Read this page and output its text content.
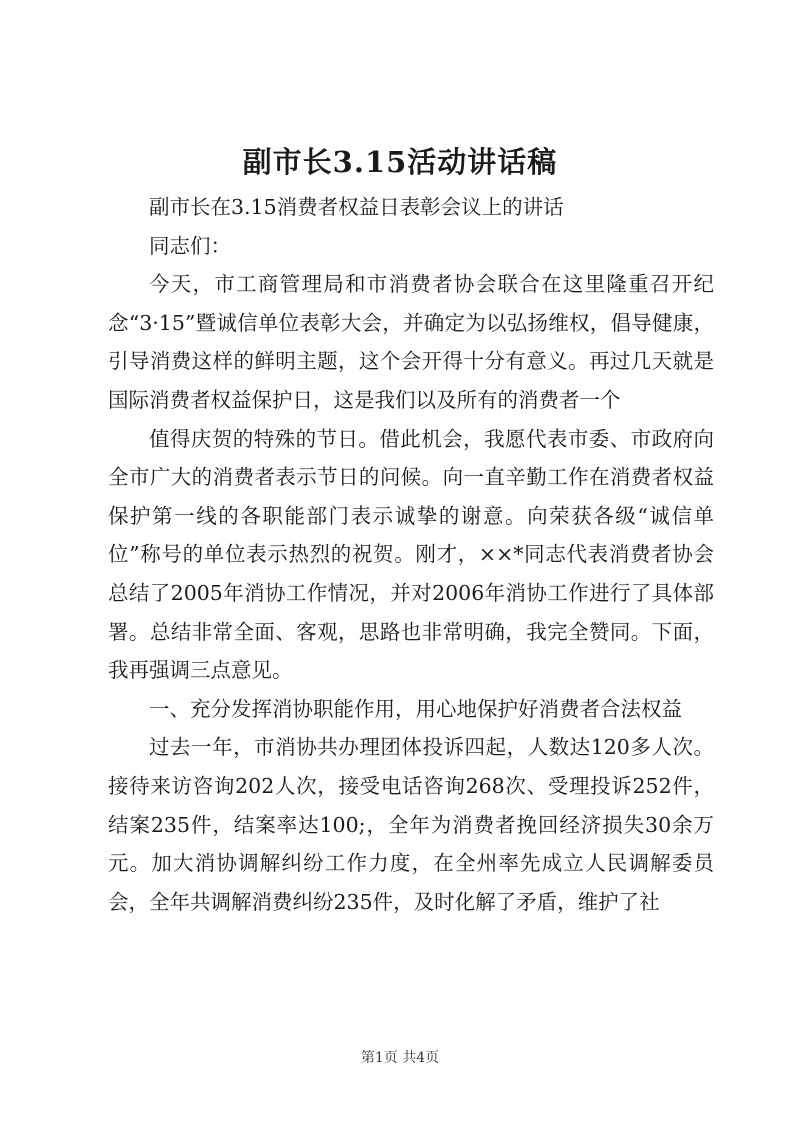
副市长3.15活动讲话稿

副市长在3.15消费者权益日表彰会议上的讲话

同志们：

今天，市工商管理局和市消费者协会联合在这里隆重召开纪念“3·15”暨诚信单位表彰大会，并确定为以弘扬维权，倡导健康，引导消费这样的鲜明主题，这个会开得十分有意义。再过几天就是国际消费者权益保护日，这是我们以及所有的消费者一个

值得庆贺的特殊的节日。借此机会，我愿代表市委、市政府向全市广大的消费者表示节日的问候。向一直辛勤工作在消费者权益保护第一线的各职能部门表示诚挚的谢意。向荣获各级“诚信单位”称号的单位表示热烈的祝贺。刚才，××*同志代表消费者协会总结了2005年消协工作情况，并对2006年消协工作进行了具体部署。总结非常全面、客观，思路也非常明确，我完全赞同。下面，我再强调三点意见。

一、充分发挥消协职能作用，用心地保护好消费者合法权益

过去一年，市消协共办理团体投诉四起，人数达120多人次。接待来访咨询202人次，接受电话咨询268次、受理投诉252件，结案235件，结案率达100;，全年为消费者挽回经济损失30余万元。加大消协调解纠纷工作力度，在全州率先成立人民调解委员会，全年共调解消费纠纷235件，及时化解了矛盾，维护了社

第1页 共4页
